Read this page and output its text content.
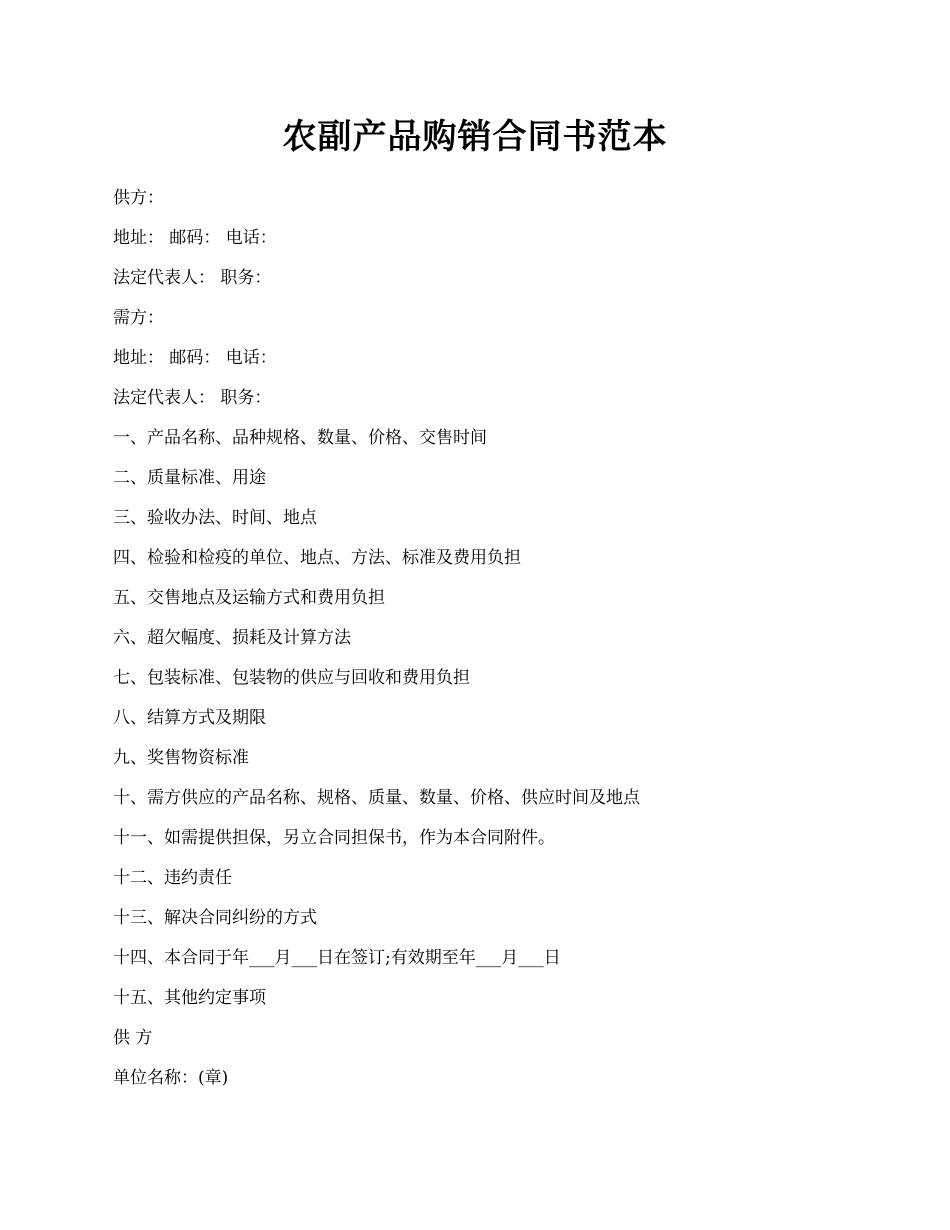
农副产品购销合同书范本
供方：
地址： 邮码： 电话：
法定代表人： 职务：
需方：
地址： 邮码： 电话：
法定代表人： 职务：
一、产品名称、品种规格、数量、价格、交售时间
二、质量标准、用途
三、验收办法、时间、地点
四、检验和检疫的单位、地点、方法、标准及费用负担
五、交售地点及运输方式和费用负担
六、超欠幅度、损耗及计算方法
七、包装标准、包装物的供应与回收和费用负担
八、结算方式及期限
九、奖售物资标准
十、需方供应的产品名称、规格、质量、数量、价格、供应时间及地点
十一、如需提供担保，另立合同担保书，作为本合同附件。
十二、违约责任
十三、解决合同纠纷的方式
十四、本合同于年___月___日在签订;有效期至年___月___日
十五、其他约定事项
供 方
单位名称：(章)
